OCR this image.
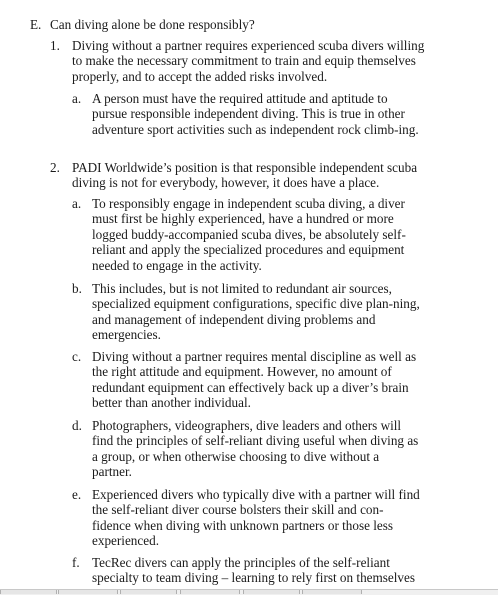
E. Can diving alone be done responsibly?
1. Diving without a partner requires experienced scuba divers willing to make the necessary commitment to train and equip themselves properly, and to accept the added risks involved.
a. A person must have the required attitude and aptitude to pursue responsible independent diving. This is true in other adventure sport activities such as independent rock climb-ing.
2. PADI Worldwide’s position is that responsible independent scuba diving is not for everybody, however, it does have a place.
a. To responsibly engage in independent scuba diving, a diver must first be highly experienced, have a hundred or more logged buddy-accompanied scuba dives, be absolutely self-reliant and apply the specialized procedures and equipment needed to engage in the activity.
b. This includes, but is not limited to redundant air sources, specialized equipment configurations, specific dive plan-ning, and management of independent diving problems and emergencies.
c. Diving without a partner requires mental discipline as well as the right attitude and equipment. However, no amount of redundant equipment can effectively back up a diver’s brain better than another individual.
d. Photographers, videographers, dive leaders and others will find the principles of self-reliant diving useful when diving as a group, or when otherwise choosing to dive without a partner.
e. Experienced divers who typically dive with a partner will find the self-reliant diver course bolsters their skill and con-fidence when diving with unknown partners or those less experienced.
f. TecRec divers can apply the principles of the self-reliant specialty to team diving – learning to rely first on themselves
